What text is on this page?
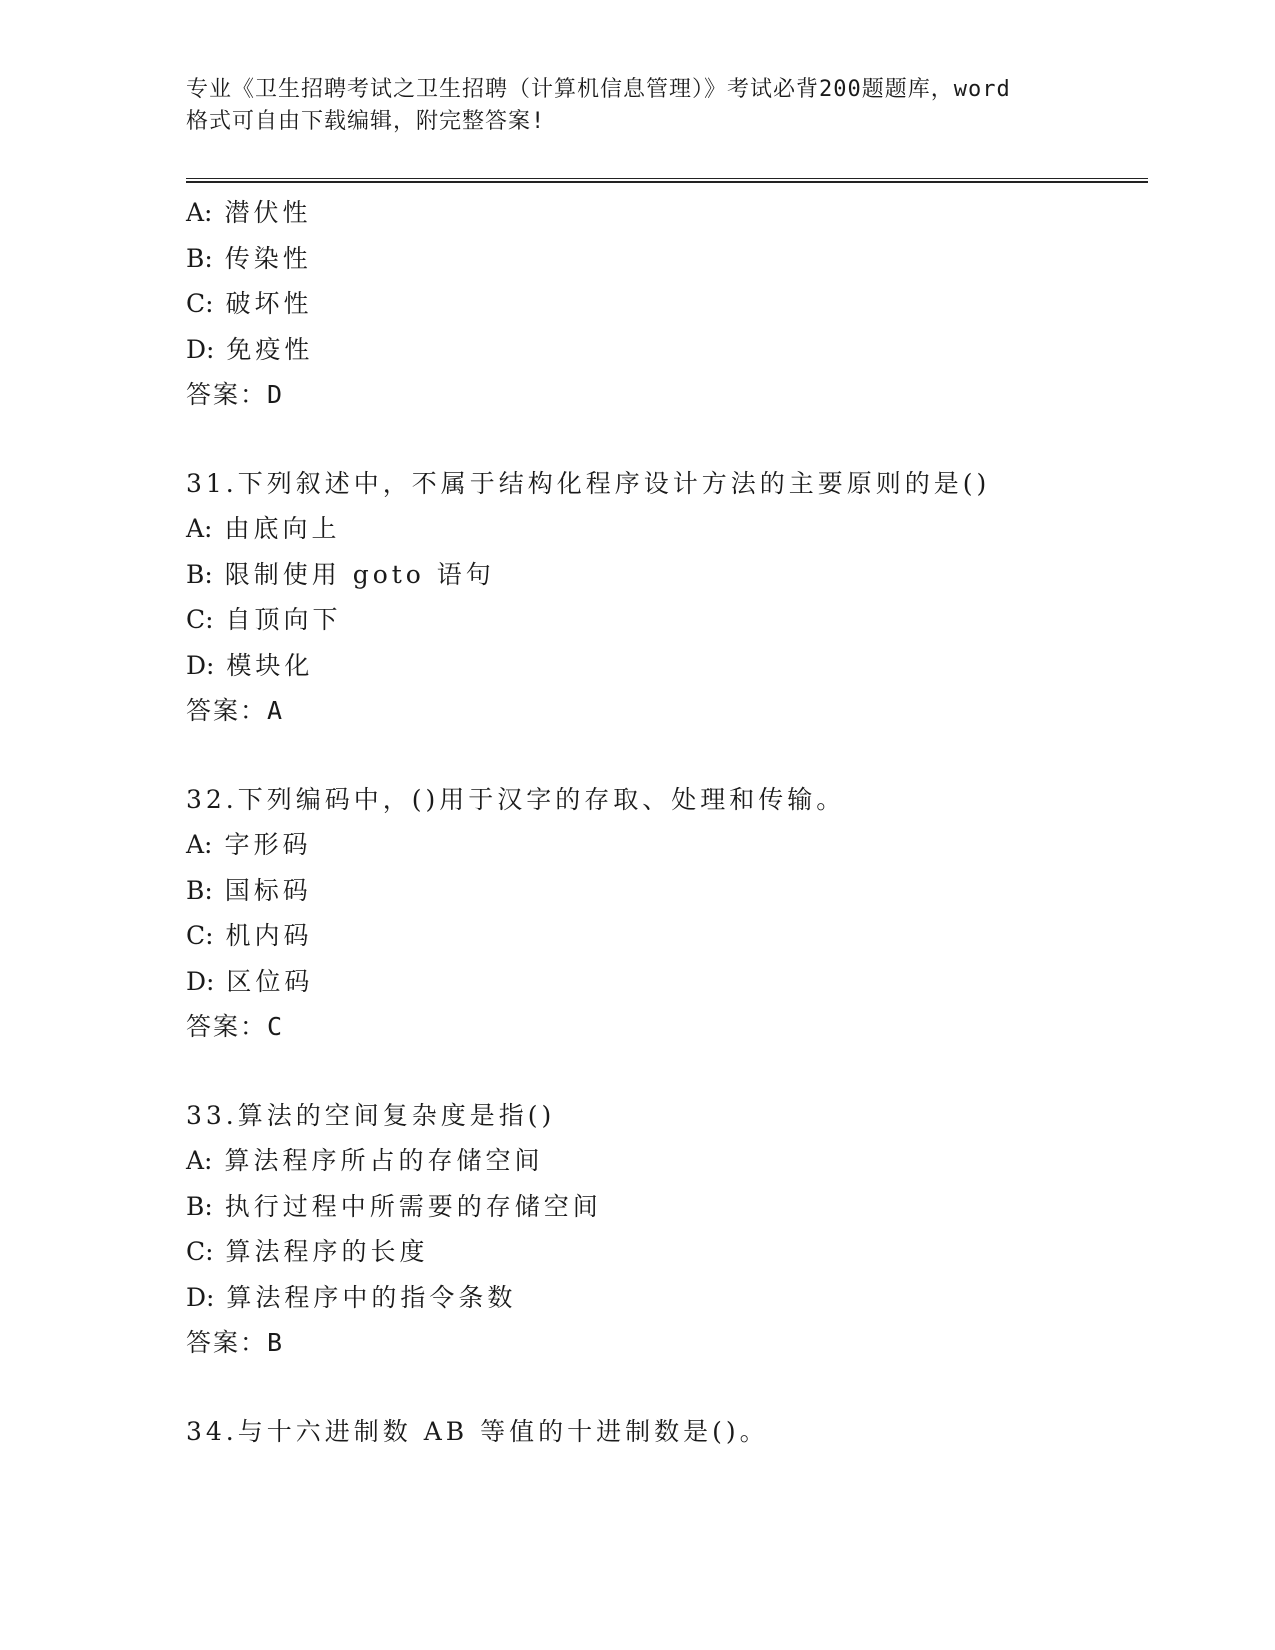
专业《卫生招聘考试之卫生招聘（计算机信息管理）》考试必背200题题库，word
格式可自由下载编辑，附完整答案!
A: 潜伏性
B: 传染性
C: 破坏性
D: 免疫性
答案：D
31.下列叙述中，不属于结构化程序设计方法的主要原则的是()
A: 由底向上
B: 限制使用 goto 语句
C: 自顶向下
D: 模块化
答案：A
32.下列编码中，()用于汉字的存取、处理和传输。
A: 字形码
B: 国标码
C: 机内码
D: 区位码
答案：C
33.算法的空间复杂度是指()
A: 算法程序所占的存储空间
B: 执行过程中所需要的存储空间
C: 算法程序的长度
D: 算法程序中的指令条数
答案：B
34.与十六进制数 AB 等值的十进制数是()。
